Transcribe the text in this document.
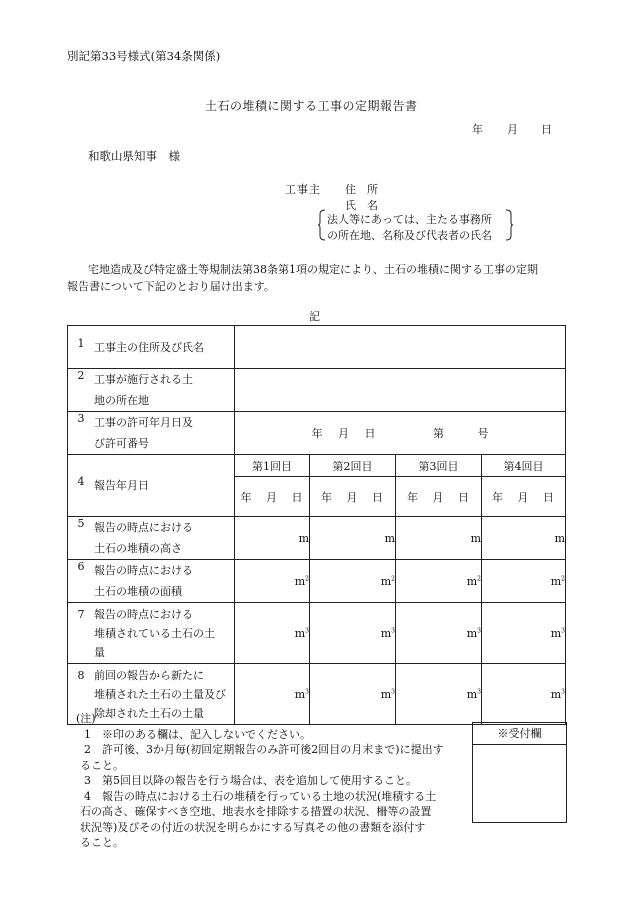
別記第33号様式(第34条関係)
土石の堆積に関する工事の定期報告書
年 月 日
和歌山県知事　様
工事主 住　所
氏　名
法人等にあっては、主たる事務所
の所在地、名称及び代表者の氏名
宅地造成及び特定盛土等規制法第38条第1項の規定により、土石の堆積に関する工事の定期
報告書について下記のとおり届け出ます。
記
1 工事主の住所及び氏名				

2 工事が施行される土
地の所在地				

3 工事の許可年月日及
び許可番号	年 月 日 第 号			

4 報告年月日	第1回目	第2回目	第3回目	第4回目
	年 月 日	年 月 日	年 月 日	年 月 日

5 報告の時点における
土石の堆積の高さ	m	m	m	m

6 報告の時点における
土石の堆積の面積	$m^2$	$m^2$	$m^2$	$m^2$

7 報告の時点における
堆積されている土石の土
量	$m^3$	$m^3$	$m^3$	$m^3$

8 前回の報告から新たに
堆積された土石の土量及び
除却された土石の土量	$m^3$	$m^3$	$m^3$	$m^3$
(注)
1　※印のある欄は、記入しないでください。
2　許可後、3か月毎(初回定期報告のみ許可後2回目の月末まで)に提出す
ること。
3　第5回目以降の報告を行う場合は、表を追加して使用すること。
4　報告の時点における土石の堆積を行っている土地の状況(堆積する土
石の高さ、確保すべき空地、地表水を排除する措置の状況、柵等の設置
状況等)及びその付近の状況を明らかにする写真その他の書類を添付す
ること。
※受付欄
